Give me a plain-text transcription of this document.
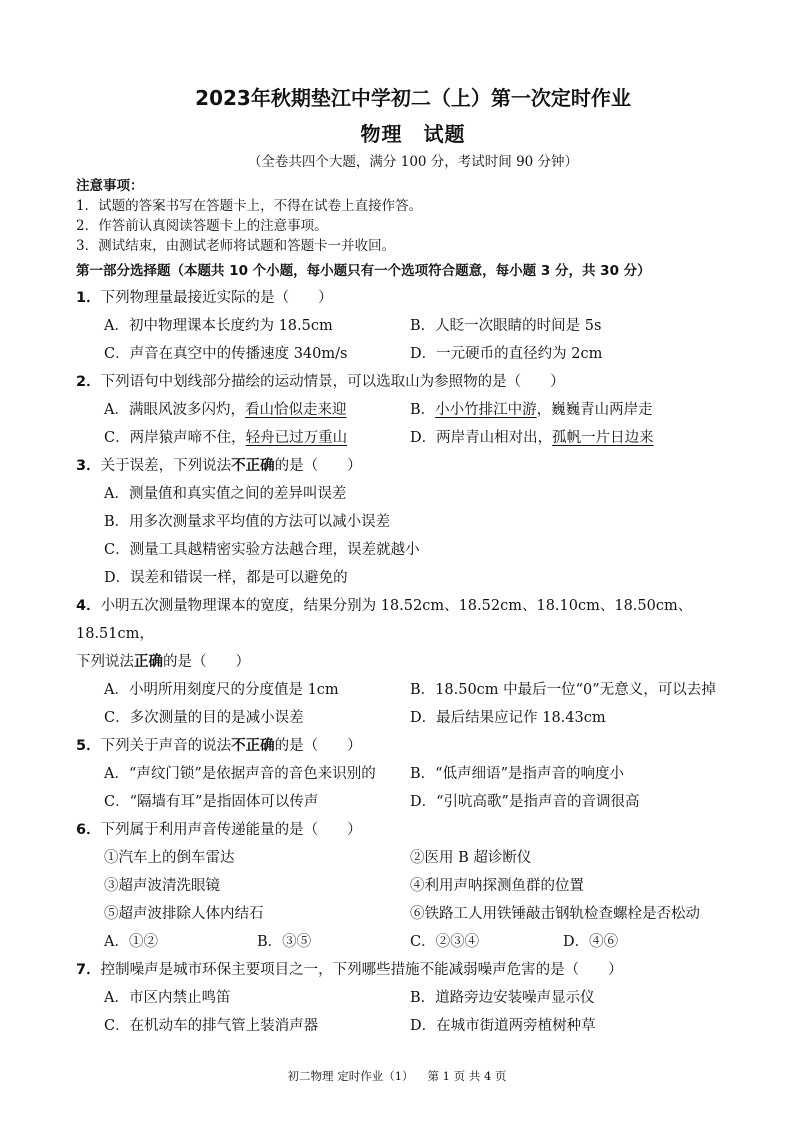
2023年秋期垫江中学初二（上）第一次定时作业
物理　试题
（全卷共四个大题，满分 100 分，考试时间 90 分钟）
注意事项：
1．试题的答案书写在答题卡上，不得在试卷上直接作答。
2．作答前认真阅读答题卡上的注意事项。
3．测试结束，由测试老师将试题和答题卡一并收回。
第一部分选择题（本题共 10 个小题，每小题只有一个选项符合题意，每小题 3 分，共 30 分）
1．下列物理量最接近实际的是（　　）
A．初中物理课本长度约为 18.5cm	B．人眨一次眼睛的时间是 5s
C．声音在真空中的传播速度 340m/s	D．一元硬币的直径约为 2cm
2．下列语句中划线部分描绘的运动情景，可以选取山为参照物的是（　　）
A．满眼风波多闪灼，看山恰似走来迎	B．小小竹排江中游，巍巍青山两岸走
C．两岸猿声啼不住，轻舟已过万重山	D．两岸青山相对出，孤帆一片日边来
3．关于误差，下列说法不正确的是（　　）
A．测量值和真实值之间的差异叫误差
B．用多次测量求平均值的方法可以减小误差
C．测量工具越精密实验方法越合理，误差就越小
D．误差和错误一样，都是可以避免的
4．小明五次测量物理课本的宽度，结果分别为 18.52cm、18.52cm、18.10cm、18.50cm、18.51cm，
下列说法正确的是（　　）
A．小明所用刻度尺的分度值是 1cm	B．18.50cm 中最后一位“0”无意义，可以去掉
C．多次测量的目的是减小误差	D．最后结果应记作 18.43cm
5．下列关于声音的说法不正确的是（　　）
A．“声纹门锁”是依据声音的音色来识别的	B．“低声细语”是指声音的响度小
C．“隔墙有耳”是指固体可以传声	D．“引吭高歌”是指声音的音调很高
6．下列属于利用声音传递能量的是（　　）
①汽车上的倒车雷达	②医用 B 超诊断仪
③超声波清洗眼镜	④利用声呐探测鱼群的位置
⑤超声波排除人体内结石	⑥铁路工人用铁锤敲击钢轨检查螺栓是否松动
A．①②	B．③⑤	C．②③④	D．④⑥
7．控制噪声是城市环保主要项目之一，下列哪些措施不能减弱噪声危害的是（　　）
A．市区内禁止鸣笛	B．道路旁边安装噪声显示仪
C．在机动车的排气管上装消声器	D．在城市街道两旁植树种草
初二物理 定时作业（1） 第 1 页 共 4 页
